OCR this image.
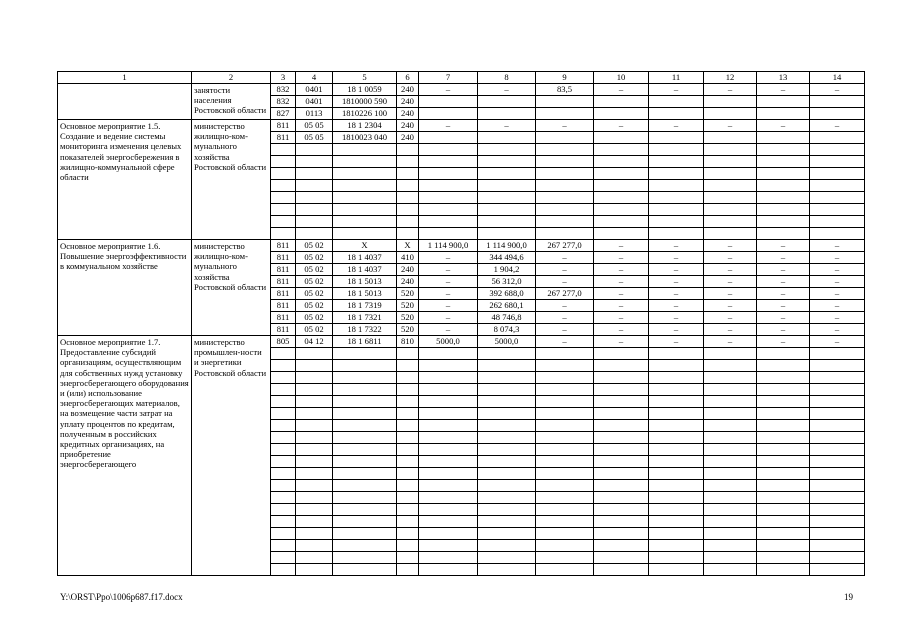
1	2	3	4	5	6	7	8	9	10	11	12	13	14
	занятости населения Ростовской области	832	0401	18 1 0059	240	–	–	83,5	–	–	–	–	–
		832	0401	1810000 590	240								
		827	0113	1810226 100	240								
Основное мероприятие 1.5. Создание и ведение системы мониторинга изменения целевых показателей энергосбережения в жилищно-коммунальной сфере области	министерство жилищно-ком-мунального хозяйства Ростовской области	811	05 05	18 1 2304	240	–	–	–	–	–	–	–	–
		811	05 05	1810023 040	240								

Основное мероприятие 1.6. Повышение энергоэффективности в коммунальном хозяйстве	министерство жилищно-ком-мунального хозяйства Ростовской области	811	05 02	Х	Х	1 114 900,0	1 114 900,0	267 277,0	–	–	–	–	–
		811	05 02	18 1 4037	410	–	344 494,6	–	–	–	–	–	–
		811	05 02	18 1 4037	240	–	1 904,2	–	–	–	–	–	–
		811	05 02	18 1 5013	240	–	56 312,0	–	–	–	–	–	–
		811	05 02	18 1 5013	520	–	392 688,0	267 277,0	–	–	–	–	–
		811	05 02	18 1 7319	520	–	262 680,1	–	–	–	–	–	–
		811	05 02	18 1 7321	520	–	48 746,8	–	–	–	–	–	–
		811	05 02	18 1 7322	520	–	8 074,3	–	–	–	–	–	–
Основное мероприятие 1.7. Предоставление субсидий организациям, осуществляющим для собственных нужд установку энергосберегающего оборудования и (или) использование энергосберегающих материалов, на возмещение части затрат на уплату процентов по кредитам, полученным в российских кредитных организациях, на приобретение энергосберегающего	министерство промышлен-ности и энергетики Ростовской области	805	04 12	18 1 6811	810	5000,0	5000,0	–	–	–	–	–	–

Y:\ORST\Ppo\1006p687.f17.docx	19
